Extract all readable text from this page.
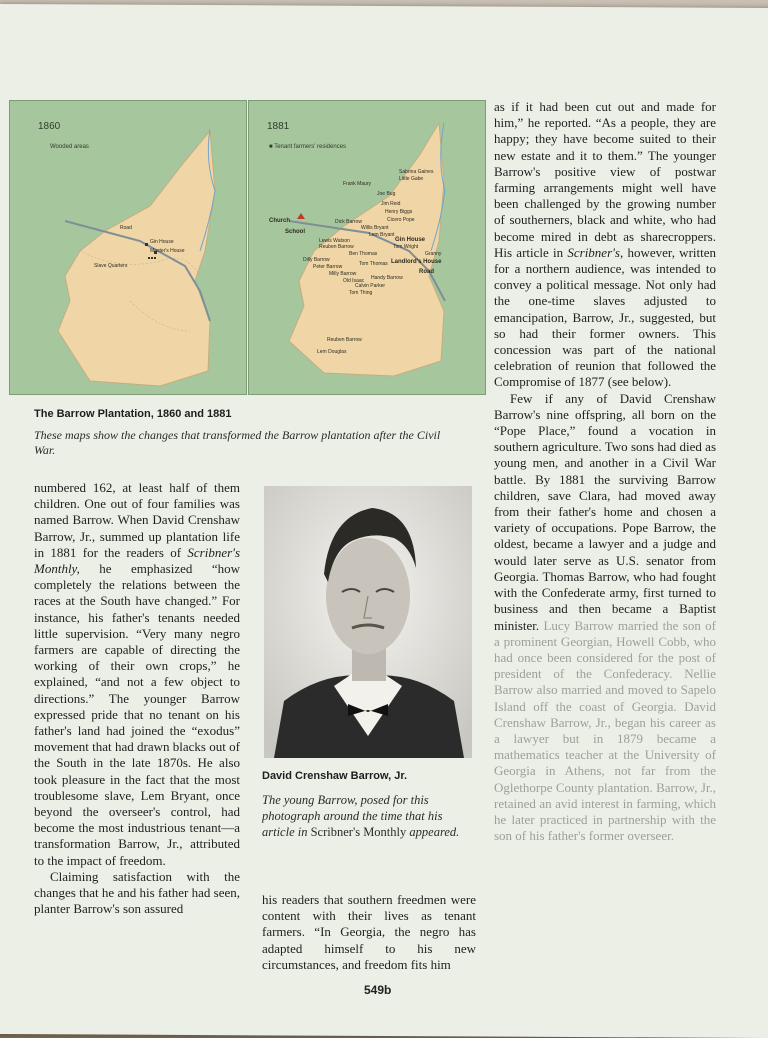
1860
Wooded areas
Road
Gin House
Master's House
Slave Quarters
1881
■ Tenant farmers' residences
Church
School
Gin House
Landlord's House
Road
Sabrina Gaines
Little Gabe
Frank Maury
Joe Bug
Jim Reid
Henry Biggs
Cicero Pope
Dick Barrow
Willis Bryant
Lem Bryant
Lewis Watson
Reuben Barrow	Tom Wright
Granny
Ben Thomas
Dilly Barrow
Peter Barrow	Tom Thomas
Milly Barrow
Old Isaac Handy Barrow
Calvin Parker
Tom Thing
Reuben Barrow
Lem Douglas
The Barrow Plantation, 1860 and 1881
These maps show the changes that transformed the Barrow plantation after the Civil War.

numbered 162, at least half of them children. One out of four families was named Barrow. When David Crenshaw Barrow, Jr., summed up plantation life in 1881 for the readers of Scribner's Monthly, he emphasized “how completely the relations between the races at the South have changed.” For instance, his father's tenants needed little supervision. “Very many negro farmers are capable of directing the working of their own crops,” he explained, “and not a few object to directions.” The younger Barrow expressed pride that no tenant on his father's land had joined the “exodus” movement that had drawn blacks out of the South in the late 1870s. He also took pleasure in the fact that the most troublesome slave, Lem Bryant, once beyond the overseer's control, had become the most industrious tenant—a transformation Barrow, Jr., attributed to the impact of freedom.

Claiming satisfaction with the changes that he and his father had seen, planter Barrow's son assured

David Crenshaw Barrow, Jr.
The young Barrow, posed for this photograph around the time that his article in Scribner's Monthly appeared.

his readers that southern freedmen were content with their lives as tenant farmers. “In Georgia, the negro has adapted himself to his new circumstances, and freedom fits him

as if it had been cut out and made for him,” he reported. “As a people, they are happy; they have become suited to their new estate and it to them.” The younger Barrow's positive view of postwar farming arrangements might well have been challenged by the growing number of southerners, black and white, who had become mired in debt as sharecroppers. His article in Scribner's, however, written for a northern audience, was intended to convey a political message. Not only had the one-time slaves adjusted to emancipation, Barrow, Jr., suggested, but so had their former owners. This concession was part of the national celebration of reunion that followed the Compromise of 1877 (see below).

Few if any of David Crenshaw Barrow's nine offspring, all born on the “Pope Place,” found a vocation in southern agriculture. Two sons had died as young men, and another in a Civil War battle. By 1881 the surviving Barrow children, save Clara, had moved away from their father's home and chosen a variety of occupations. Pope Barrow, the oldest, became a lawyer and a judge and would later serve as U.S. senator from Georgia. Thomas Barrow, who had fought with the Confederate army, first turned to business and then became a Baptist minister. Lucy Barrow married the son of a prominent Georgian, Howell Cobb, who had once been considered for the post of president of the Confederacy. Nellie Barrow also married and moved to Sapelo Island off the coast of Georgia. David Crenshaw Barrow, Jr., began his career as a lawyer but in 1879 became a mathematics teacher at the University of Georgia in Athens, not far from the Oglethorpe County plantation. Barrow, Jr., retained an avid interest in farming, which he later practiced in partnership with the son of his father's former overseer.

549b
